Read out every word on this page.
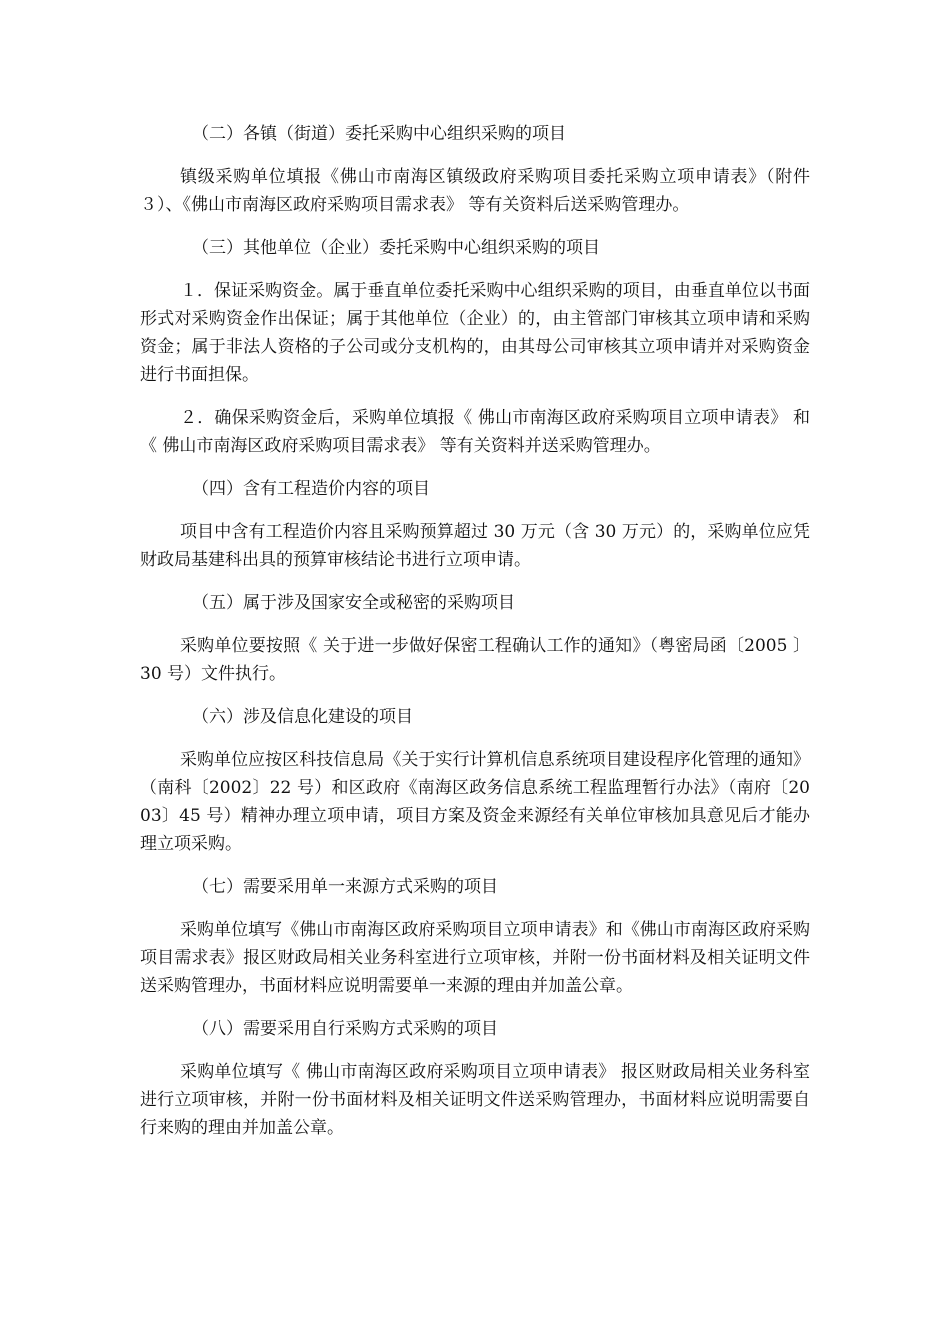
（二）各镇（街道）委托采购中心组织采购的项目
镇级采购单位填报《佛山市南海区镇级政府采购项目委托采购立项申请表》（附件３）、《佛山市南海区政府采购项目需求表》 等有关资料后送采购管理办。
（三）其他单位（企业）委托采购中心组织采购的项目
１．保证采购资金。属于垂直单位委托采购中心组织采购的项目，由垂直单位以书面形式对采购资金作出保证；属于其他单位（企业）的，由主管部门审核其立项申请和采购资金；属于非法人资格的子公司或分支机构的，由其母公司审核其立项申请并对采购资金进行书面担保。
２．确保采购资金后，采购单位填报《 佛山市南海区政府采购项目立项申请表》 和《 佛山市南海区政府采购项目需求表》 等有关资料并送采购管理办。
（四）含有工程造价内容的项目
项目中含有工程造价内容且采购预算超过 30 万元（含 30 万元）的，采购单位应凭财政局基建科出具的预算审核结论书进行立项申请。
（五）属于涉及国家安全或秘密的采购项目
采购单位要按照《 关于进一步做好保密工程确认工作的通知》（粤密局函〔2005 〕30 号）文件执行。
（六）涉及信息化建设的项目
采购单位应按区科技信息局《关于实行计算机信息系统项目建设程序化管理的通知》（南科〔2002〕22 号）和区政府《南海区政务信息系统工程监理暂行办法》（南府〔2003〕45 号）精神办理立项申请，项目方案及资金来源经有关单位审核加具意见后才能办理立项采购。
（七）需要采用单一来源方式采购的项目
采购单位填写《佛山市南海区政府采购项目立项申请表》和《佛山市南海区政府采购项目需求表》报区财政局相关业务科室进行立项审核，并附一份书面材料及相关证明文件送采购管理办，书面材料应说明需要单一来源的理由并加盖公章。
（八）需要采用自行采购方式采购的项目
采购单位填写《 佛山市南海区政府采购项目立项申请表》 报区财政局相关业务科室进行立项审核，并附一份书面材料及相关证明文件送采购管理办，书面材料应说明需要自行来购的理由并加盖公章。
